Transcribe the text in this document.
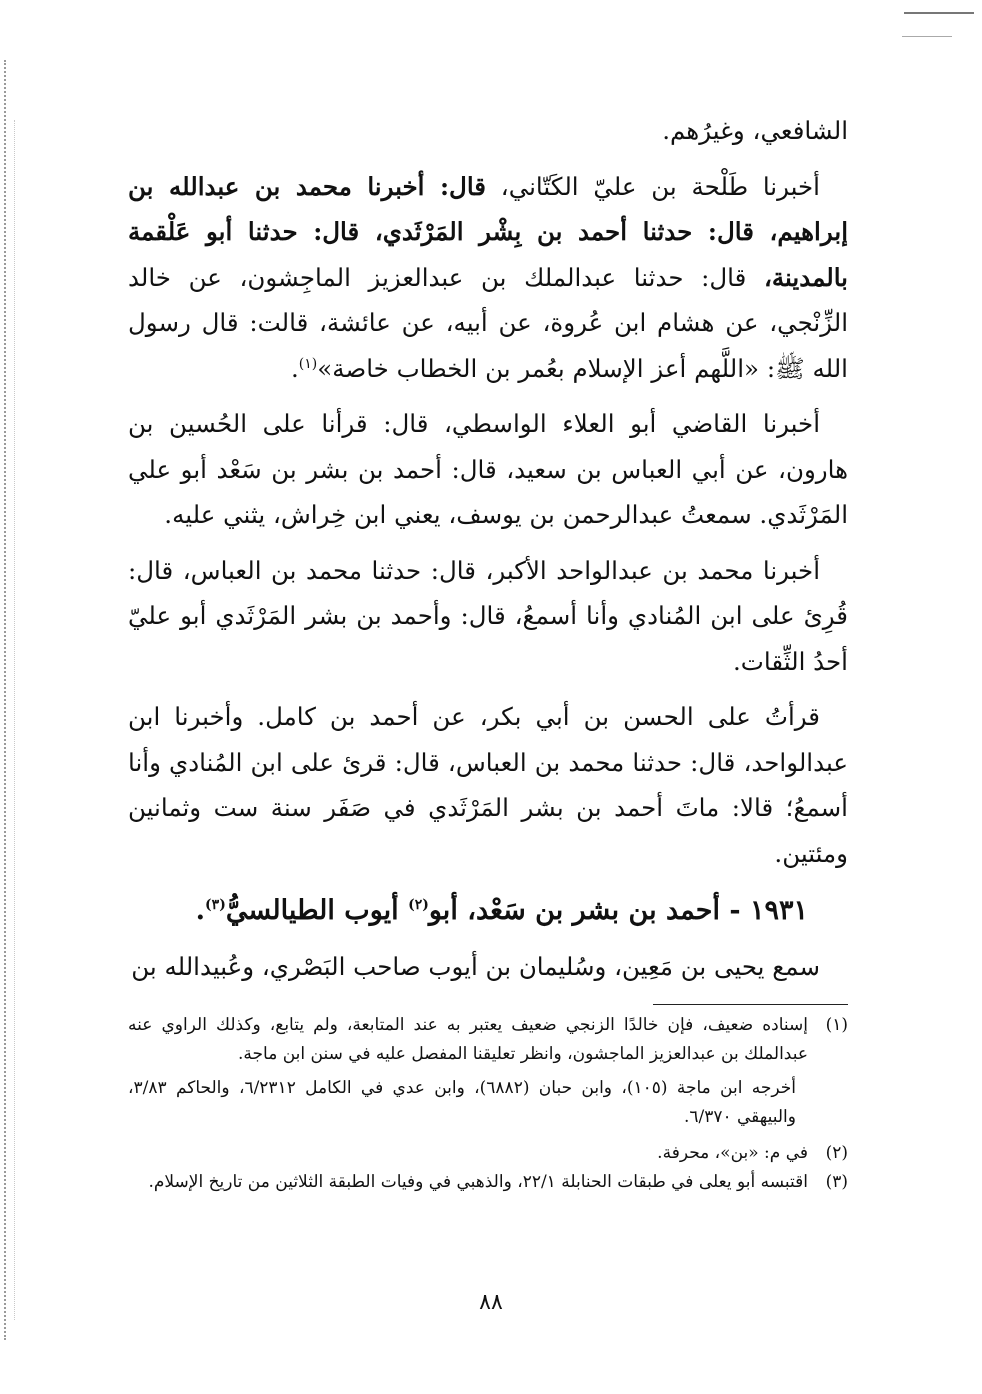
الشافعي، وغيرُهم.

أخبرنا طَلْحة بن عليّ الكَتّاني، قال: أخبرنا محمد بن عبدالله بن إبراهيم، قال: حدثنا أحمد بن بِشْر المَرْثَدي، قال: حدثنا أبو عَلْقمة بالمدينة، قال: حدثنا عبدالملك بن عبدالعزيز الماجِشون، عن خالد الزِّنْجي، عن هشام ابن عُروة، عن أبيه، عن عائشة، قالت: قال رسول الله ﷺ: «اللَّهم أعز الإسلام بعُمر بن الخطاب خاصة»$^{(١)}$.

أخبرنا القاضي أبو العلاء الواسطي، قال: قرأنا على الحُسين بن هارون، عن أبي العباس بن سعيد، قال: أحمد بن بشر بن سَعْد أبو علي المَرْثَدي. سمعتُ عبدالرحمن بن يوسف، يعني ابن خِراش، يثني عليه.

أخبرنا محمد بن عبدالواحد الأكبر، قال: حدثنا محمد بن العباس، قال: قُرِئ على ابن المُنادي وأنا أسمعُ، قال: وأحمد بن بشر المَرْثَدي أبو عليّ أحدُ الثِّقات.

قرأتُ على الحسن بن أبي بكر، عن أحمد بن كامل. وأخبرنا ابن عبدالواحد، قال: حدثنا محمد بن العباس، قال: قرئ على ابن المُنادي وأنا أسمعُ؛ قالا: ماتَ أحمد بن بشر المَرْثَدي في صَفَر سنة ست وثمانين ومئتين.

١٩٣١ - أحمد بن بشر بن سَعْد، أبو$^{(٢)}$ أيوب الطيالسيُّ$^{(٣)}$.

سمع يحيى بن مَعِين، وسُليمان بن أيوب صاحب البَصْري، وعُبيدالله بن

(١)
إسناده ضعيف، فإن خالدًا الزنجي ضعيف يعتبر به عند المتابعة، ولم يتابع، وكذلك الراوي عنه عبدالملك بن عبدالعزيز الماجشون، وانظر تعليقنا المفصل عليه في سنن ابن ماجة.
أخرجه ابن ماجة (١٠٥)، وابن حبان (٦٨٨٢)، وابن عدي في الكامل ٦/٢٣١٢، والحاكم ٣/٨٣، والبيهقي ٦/٣٧٠.
(٢)
في م: «بن»، محرفة.
(٣)
اقتبسه أبو يعلى في طبقات الحنابلة ٢٢/١، والذهبي في وفيات الطبقة الثلاثين من تاريخ الإسلام.
٨٨
